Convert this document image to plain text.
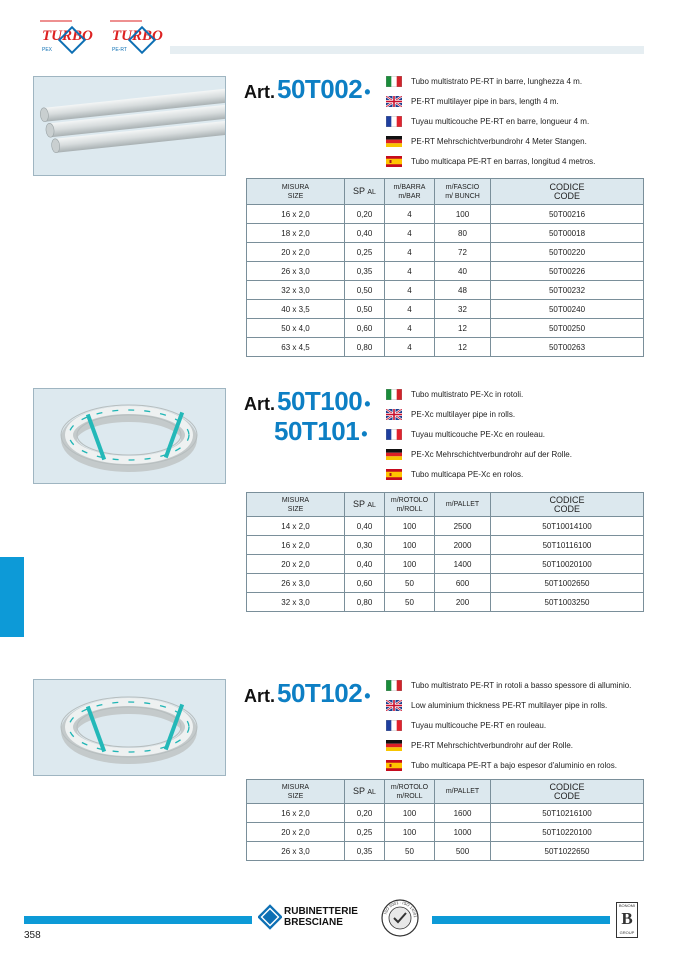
TURBO
PEX
TURBO
PE-RT
Art. 50T002 •
Tubo multistrato PE-RT in barre, lunghezza 4 m.
PE-RT multilayer pipe in bars, length 4 m.
Tuyau multicouche PE-RT en barre, longueur 4 m.
PE-RT Mehrschichtverbundrohr 4 Meter Stangen.
Tubo multicapa PE-RT en barras, longitud 4 metros.
MISURA
SIZE	SP AL	m/BARRA
m/BAR	m/FASCIO
m/ BUNCH	CODICE
CODE
16 x 2,0	0,20	4	100	50T00216
18 x 2,0	0,40	4	80	50T00018
20 x 2,0	0,25	4	72	50T00220
26 x 3,0	0,35	4	40	50T00226
32 x 3,0	0,50	4	48	50T00232
40 x 3,5	0,50	4	32	50T00240
50 x 4,0	0,60	4	12	50T00250
63 x 4,5	0,80	4	12	50T00263
Art. 50T100 •
50T101 •
Tubo multistrato PE-Xc in rotoli.
PE-Xc multilayer pipe in rolls.
Tuyau multicouche PE-Xc en rouleau.
PE-Xc Mehrschichtverbundrohr auf der Rolle.
Tubo multicapa PE-Xc en rolos.
MISURA
SIZE	SP AL	m/ROTOLO
m/ROLL	m/PALLET	CODICE
CODE
14 x 2,0	0,40	100	2500	50T10014100
16 x 2,0	0,30	100	2000	50T10116100
20 x 2,0	0,40	100	1400	50T10020100
26 x 3,0	0,60	50	600	50T1002650
32 x 3,0	0,80	50	200	50T1003250
Art. 50T102 •
Tubo multistrato PE-RT in rotoli a basso spessore di alluminio.
Low aluminium thickness PE-RT multilayer pipe in rolls.
Tuyau multicouche PE-RT en rouleau.
PE-RT Mehrschichtverbundrohr auf der Rolle.
Tubo multicapa PE-RT a bajo espesor d'aluminio en rolos.
MISURA
SIZE	SP AL	m/ROTOLO
m/ROLL	m/PALLET	CODICE
CODE
16 x 2,0	0,20	100	1600	50T10216100
20 x 2,0	0,25	100	1000	50T10220100
26 x 3,0	0,35	50	500	50T1022650
RUBINETTERIE
BRESCIANE
ISO 9001 · ISO 14001
BONOMI
B
GROUP
358
